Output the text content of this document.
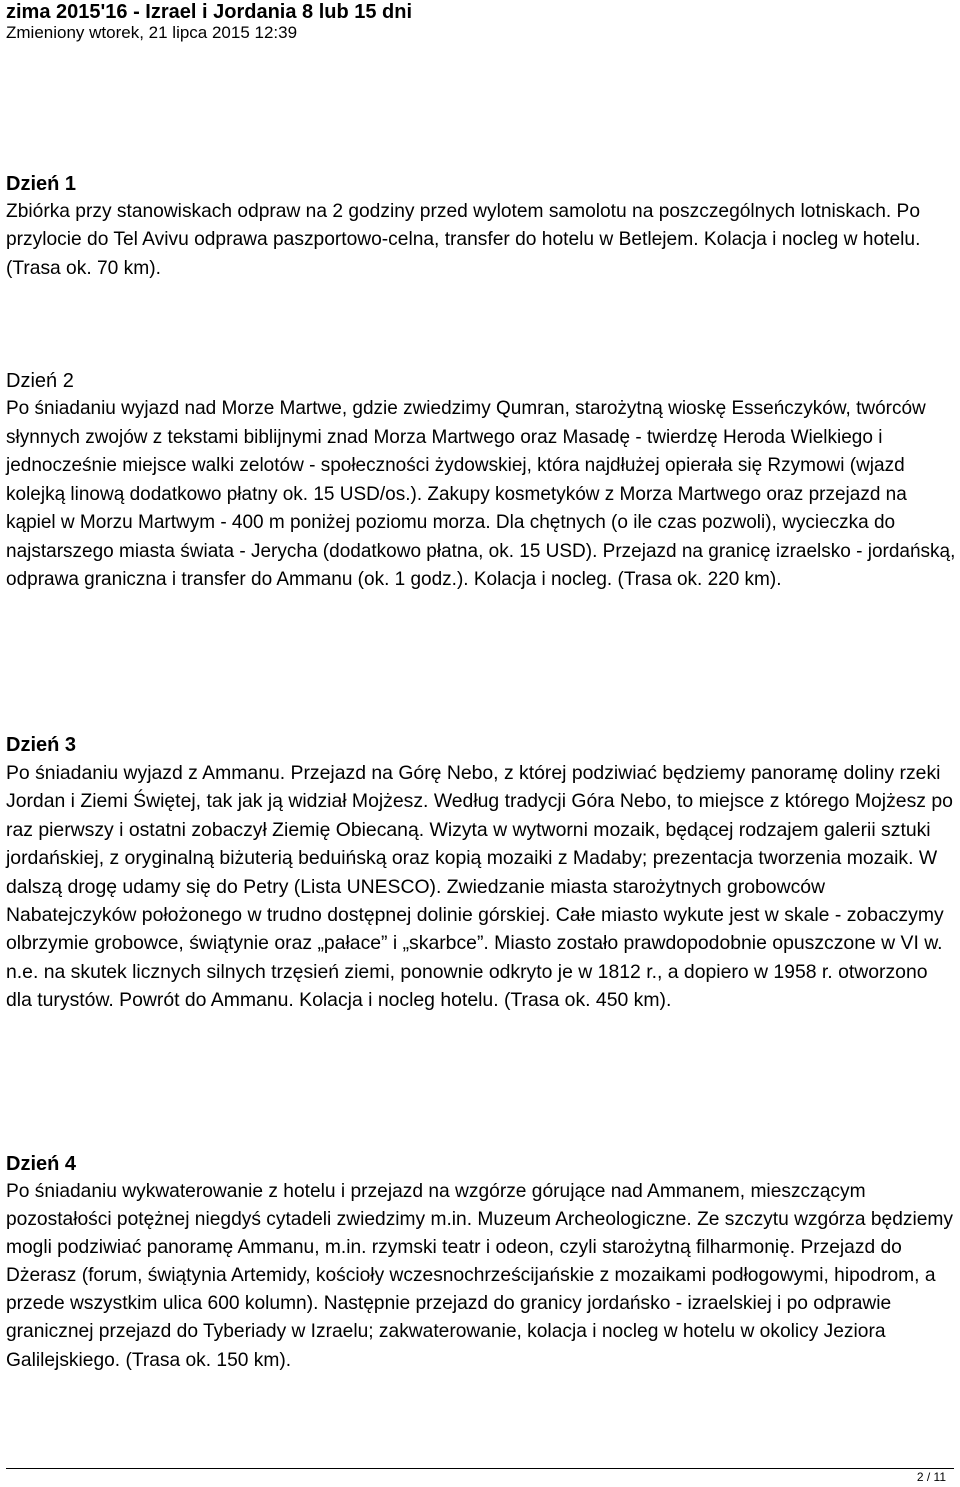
zima 2015'16 - Izrael i Jordania 8 lub 15 dni

Zmieniony wtorek, 21 lipca 2015 12:39

Dzień 1

Zbiórka przy stanowiskach odpraw na 2 godziny przed wylotem samolotu na poszczególnych lotniskach. Po przylocie do Tel Avivu odprawa paszportowo-celna, transfer do hotelu w Betlejem. Kolacja i nocleg w hotelu. (Trasa ok. 70 km).

Dzień 2

Po śniadaniu wyjazd nad Morze Martwe, gdzie zwiedzimy Qumran, starożytną wioskę Esseńczyków, twórców słynnych zwojów z tekstami biblijnymi znad Morza Martwego oraz Masadę - twierdzę Heroda Wielkiego i jednocześnie miejsce walki zelotów - społeczności żydowskiej, która najdłużej opierała się Rzymowi (wjazd kolejką linową dodatkowo płatny ok. 15 USD/os.). Zakupy kosmetyków z Morza Martwego oraz przejazd na kąpiel w Morzu Martwym - 400 m poniżej poziomu morza. Dla chętnych (o ile czas pozwoli), wycieczka do najstarszego miasta świata - Jerycha (dodatkowo płatna, ok. 15 USD). Przejazd na granicę izraelsko - jordańską, odprawa graniczna i transfer do Ammanu (ok. 1 godz.). Kolacja i nocleg. (Trasa ok. 220 km).

Dzień 3

Po śniadaniu wyjazd z Ammanu. Przejazd na Górę Nebo, z której podziwiać będziemy panoramę doliny rzeki Jordan i Ziemi Świętej, tak jak ją widział Mojżesz. Według tradycji Góra Nebo, to miejsce z którego Mojżesz po raz pierwszy i ostatni zobaczył Ziemię Obiecaną. Wizyta w wytworni mozaik, będącej rodzajem galerii sztuki jordańskiej, z oryginalną biżuterią beduińską oraz kopią mozaiki z Madaby; prezentacja tworzenia mozaik. W dalszą drogę udamy się do Petry (Lista UNESCO). Zwiedzanie miasta starożytnych grobowców Nabatejczyków położonego w trudno dostępnej dolinie górskiej. Całe miasto wykute jest w skale - zobaczymy olbrzymie grobowce, świątynie oraz „pałace” i „skarbce”. Miasto zostało prawdopodobnie opuszczone w VI w. n.e. na skutek licznych silnych trzęsień ziemi, ponownie odkryto je w 1812 r., a dopiero w 1958 r. otworzono dla turystów. Powrót do Ammanu. Kolacja i nocleg hotelu. (Trasa ok. 450 km).

Dzień 4

Po śniadaniu wykwaterowanie z hotelu i przejazd na wzgórze górujące nad Ammanem, mieszczącym pozostałości potężnej niegdyś cytadeli zwiedzimy m.in. Muzeum Archeologiczne. Ze szczytu wzgórza będziemy mogli podziwiać panoramę Ammanu, m.in. rzymski teatr i odeon, czyli starożytną filharmonię. Przejazd do Dżerasz (forum, świątynia Artemidy, kościoły wczesnochrześcijańskie z mozaikami podłogowymi, hipodrom, a przede wszystkim ulica 600 kolumn). Następnie przejazd do granicy jordańsko - izraelskiej i po odprawie granicznej przejazd do Tyberiady w Izraelu; zakwaterowanie, kolacja i nocleg w hotelu w okolicy Jeziora Galilejskiego. (Trasa ok. 150 km).

2 / 11
